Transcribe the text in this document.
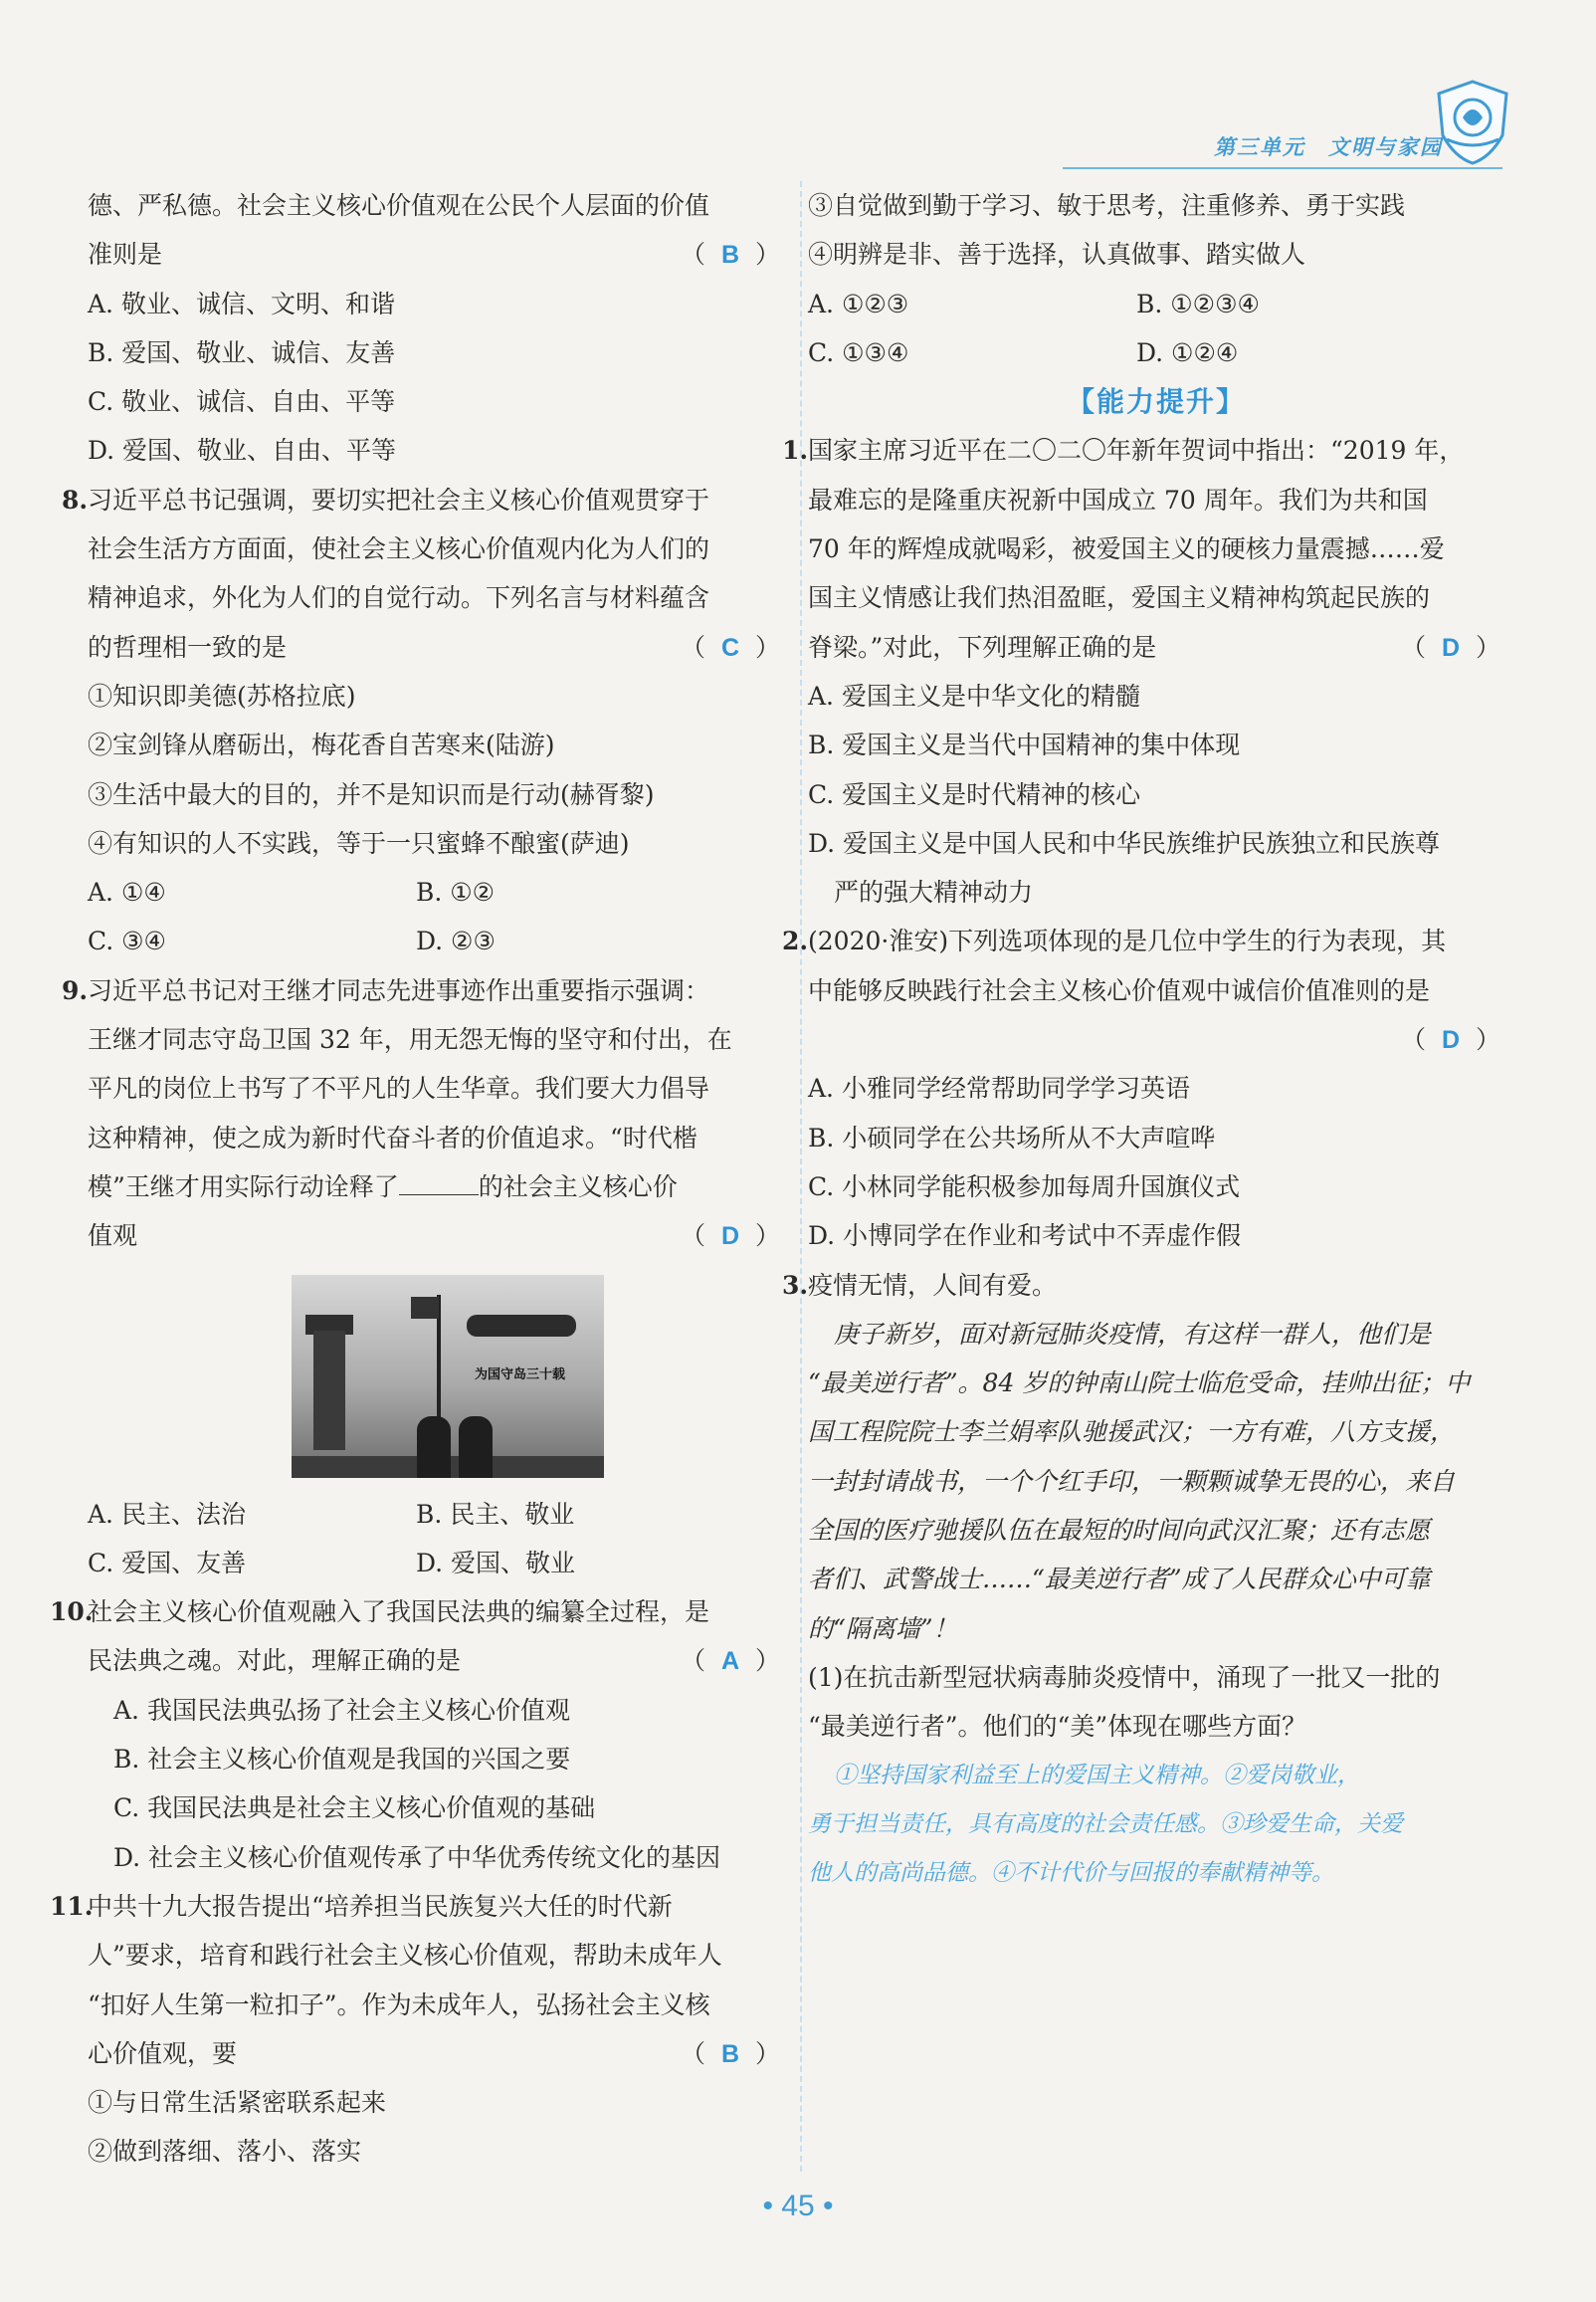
第三单元　文明与家园
德、严私德。社会主义核心价值观在公民个人层面的价值
准则是	（ B ）
A. 敬业、诚信、文明、和谐
B. 爱国、敬业、诚信、友善
C. 敬业、诚信、自由、平等
D. 爱国、敬业、自由、平等
8.习近平总书记强调，要切实把社会主义核心价值观贯穿于
社会生活方方面面，使社会主义核心价值观内化为人们的
精神追求，外化为人们的自觉行动。下列名言与材料蕴含
的哲理相一致的是	（ C ）
①知识即美德(苏格拉底)
②宝剑锋从磨砺出，梅花香自苦寒来(陆游)
③生活中最大的目的，并不是知识而是行动(赫胥黎)
④有知识的人不实践，等于一只蜜蜂不酿蜜(萨迪)
A. ①④	B. ①②
C. ③④	D. ②③
9.习近平总书记对王继才同志先进事迹作出重要指示强调：
王继才同志守岛卫国 32 年，用无怨无悔的坚守和付出，在
平凡的岗位上书写了不平凡的人生华章。我们要大力倡导
这种精神，使之成为新时代奋斗者的价值追求。“时代楷
模”王继才用实际行动诠释了	的社会主义核心价
值观	（ D ）
为国守岛三十载
A. 民主、法治	B. 民主、敬业
C. 爱国、友善	D. 爱国、敬业
10.社会主义核心价值观融入了我国民法典的编纂全过程，是
民法典之魂。对此，理解正确的是	（ A ）
A. 我国民法典弘扬了社会主义核心价值观
B. 社会主义核心价值观是我国的兴国之要
C. 我国民法典是社会主义核心价值观的基础
D. 社会主义核心价值观传承了中华优秀传统文化的基因
11.中共十九大报告提出“培养担当民族复兴大任的时代新
人”要求，培育和践行社会主义核心价值观，帮助未成年人
“扣好人生第一粒扣子”。作为未成年人，弘扬社会主义核
心价值观，要	（ B ）
①与日常生活紧密联系起来
②做到落细、落小、落实
③自觉做到勤于学习、敏于思考，注重修养、勇于实践
④明辨是非、善于选择，认真做事、踏实做人
A. ①②③	B. ①②③④
C. ①③④	D. ①②④
【能力提升】
1.国家主席习近平在二〇二〇年新年贺词中指出：“2019 年，
最难忘的是隆重庆祝新中国成立 70 周年。我们为共和国
70 年的辉煌成就喝彩，被爱国主义的硬核力量震撼……爱
国主义情感让我们热泪盈眶，爱国主义精神构筑起民族的
脊梁。”对此，下列理解正确的是	（ D ）
A. 爱国主义是中华文化的精髓
B. 爱国主义是当代中国精神的集中体现
C. 爱国主义是时代精神的核心
D. 爱国主义是中国人民和中华民族维护民族独立和民族尊
严的强大精神动力
2.(2020·淮安)下列选项体现的是几位中学生的行为表现，其
中能够反映践行社会主义核心价值观中诚信价值准则的是

（ D ）
A. 小雅同学经常帮助同学学习英语
B. 小硕同学在公共场所从不大声喧哗
C. 小林同学能积极参加每周升国旗仪式
D. 小博同学在作业和考试中不弄虚作假
3.疫情无情，人间有爱。
庚子新岁，面对新冠肺炎疫情，有这样一群人，他们是
“最美逆行者”。84 岁的钟南山院士临危受命，挂帅出征；中
国工程院院士李兰娟率队驰援武汉；一方有难，八方支援，
一封封请战书，一个个红手印，一颗颗诚挚无畏的心，来自
全国的医疗驰援队伍在最短的时间向武汉汇聚；还有志愿
者们、武警战士……“最美逆行者”成了人民群众心中可靠
的“隔离墙”！
(1)在抗击新型冠状病毒肺炎疫情中，涌现了一批又一批的
“最美逆行者”。他们的“美”体现在哪些方面？
①坚持国家利益至上的爱国主义精神。②爱岗敬业，
勇于担当责任，具有高度的社会责任感。③珍爱生命，关爱
他人的高尚品德。④不计代价与回报的奉献精神等。
• 45 •
